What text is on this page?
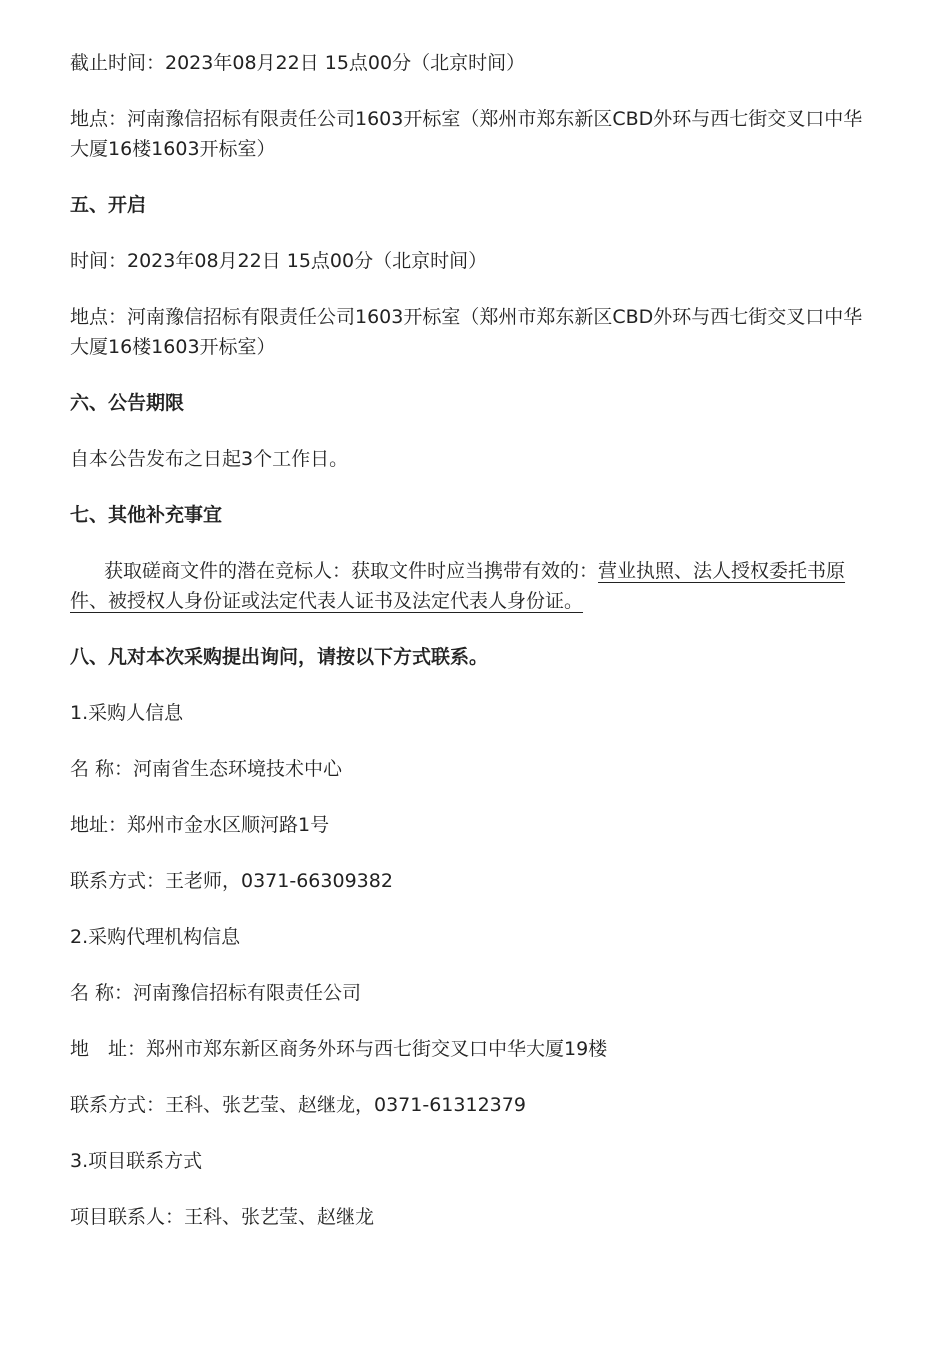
截止时间：2023年08月22日 15点00分（北京时间）

地点：河南豫信招标有限责任公司1603开标室（郑州市郑东新区CBD外环与西七街交叉口中华

大厦16楼1603开标室）

五、开启

时间：2023年08月22日 15点00分（北京时间）

地点：河南豫信招标有限责任公司1603开标室（郑州市郑东新区CBD外环与西七街交叉口中华

大厦16楼1603开标室）

六、公告期限

自本公告发布之日起3个工作日。

七、其他补充事宜

获取磋商文件的潜在竞标人：获取文件时应当携带有效的：营业执照、法人授权委托书原

件、被授权人身份证或法定代表人证书及法定代表人身份证。

八、凡对本次采购提出询问，请按以下方式联系。

1.采购人信息

名 称：河南省生态环境技术中心

地址：郑州市金水区顺河路1号

联系方式：王老师，0371-66309382

2.采购代理机构信息

名 称：河南豫信招标有限责任公司

地　址：郑州市郑东新区商务外环与西七街交叉口中华大厦19楼

联系方式：王科、张艺莹、赵继龙，0371-61312379

3.项目联系方式

项目联系人：王科、张艺莹、赵继龙
